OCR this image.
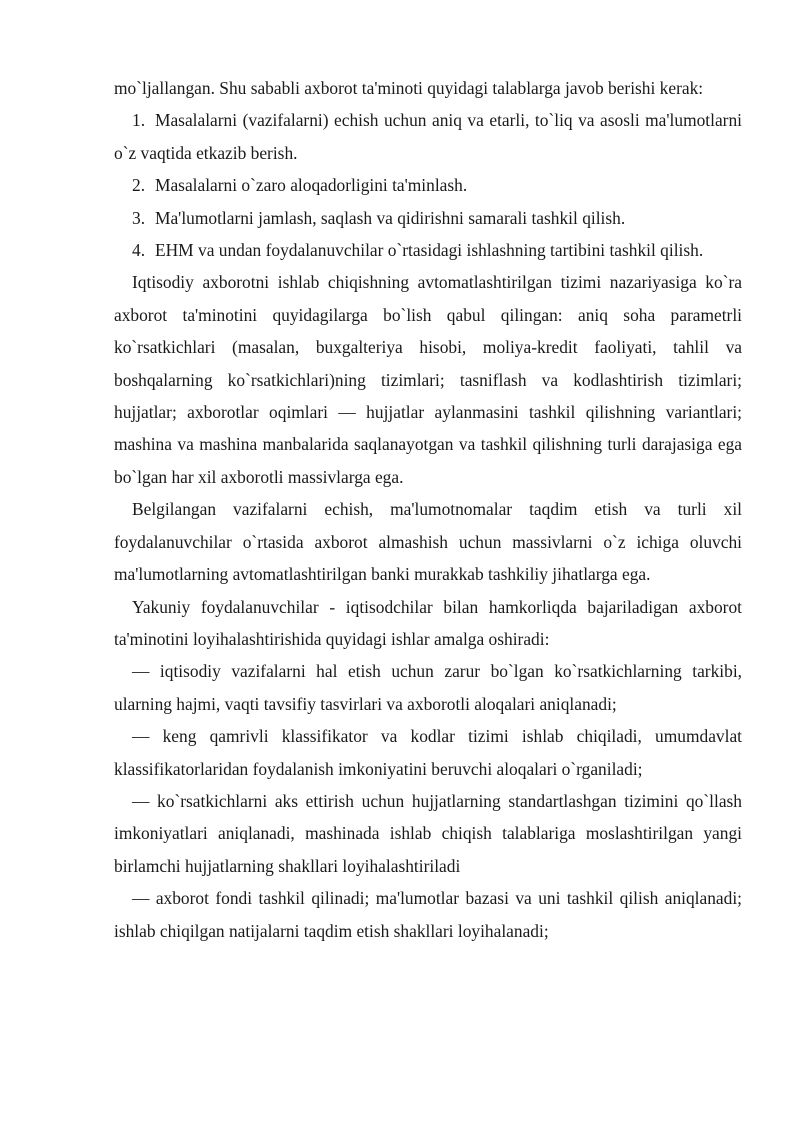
mo`ljallangan. Shu sababli axborot ta'minoti quyidagi talablarga javob berishi kerak:

1. Masalalarni (vazifalarni) echish uchun aniq va etarli, to`liq va asosli ma'lumotlarni o`z vaqtida etkazib berish.

2. Masalalarni o`zaro aloqadorligini ta'minlash.

3. Ma'lumotlarni jamlash, saqlash va qidirishni samarali tashkil qilish.

4. EHM va undan foydalanuvchilar o`rtasidagi ishlashning tartibini tashkil qilish.

Iqtisodiy axborotni ishlab chiqishning avtomatlashtirilgan tizimi nazariyasiga ko`ra axborot ta'minotini quyidagilarga bo`lish qabul qilingan: aniq soha parametrli ko`rsatkichlari (masalan, buxgalteriya hisobi, moliya-kredit faoliyati, tahlil va boshqalarning ko`rsatkichlari)ning tizimlari; tasniflash va kodlashtirish tizimlari; hujjatlar; axborotlar oqimlari — hujjatlar aylanmasini tashkil qilishning variantlari; mashina va mashina manbalarida saqlanayotgan va tashkil qilishning turli darajasiga ega bo`lgan har xil axborotli massivlarga ega.

Belgilangan vazifalarni echish, ma'lumotnomalar taqdim etish va turli xil foydalanuvchilar o`rtasida axborot almashish uchun massivlarni o`z ichiga oluvchi ma'lumotlarning avtomatlashtirilgan banki murakkab tashkiliy jihatlarga ega.

Yakuniy foydalanuvchilar - iqtisodchilar bilan hamkorliqda bajariladigan axborot ta'minotini loyihalashtirishida quyidagi ishlar amalga oshiradi:

— iqtisodiy vazifalarni hal etish uchun zarur bo`lgan ko`rsatkichlarning tarkibi, ularning hajmi, vaqti tavsifiy tasvirlari va axborotli aloqalari aniqlanadi;

— keng qamrivli klassifikator va kodlar tizimi ishlab chiqiladi, umumdavlat klassifikatorlaridan foydalanish imkoniyatini beruvchi aloqalari o`rganiladi;

— ko`rsatkichlarni aks ettirish uchun hujjatlarning standartlashgan tizimini qo`llash imkoniyatlari aniqlanadi, mashinada ishlab chiqish talablariga moslashtirilgan yangi birlamchi hujjatlarning shakllari loyihalashtiriladi

— axborot fondi tashkil qilinadi; ma'lumotlar bazasi va uni tashkil qilish aniqlanadi; ishlab chiqilgan natijalarni taqdim etish shakllari loyihalanadi;
